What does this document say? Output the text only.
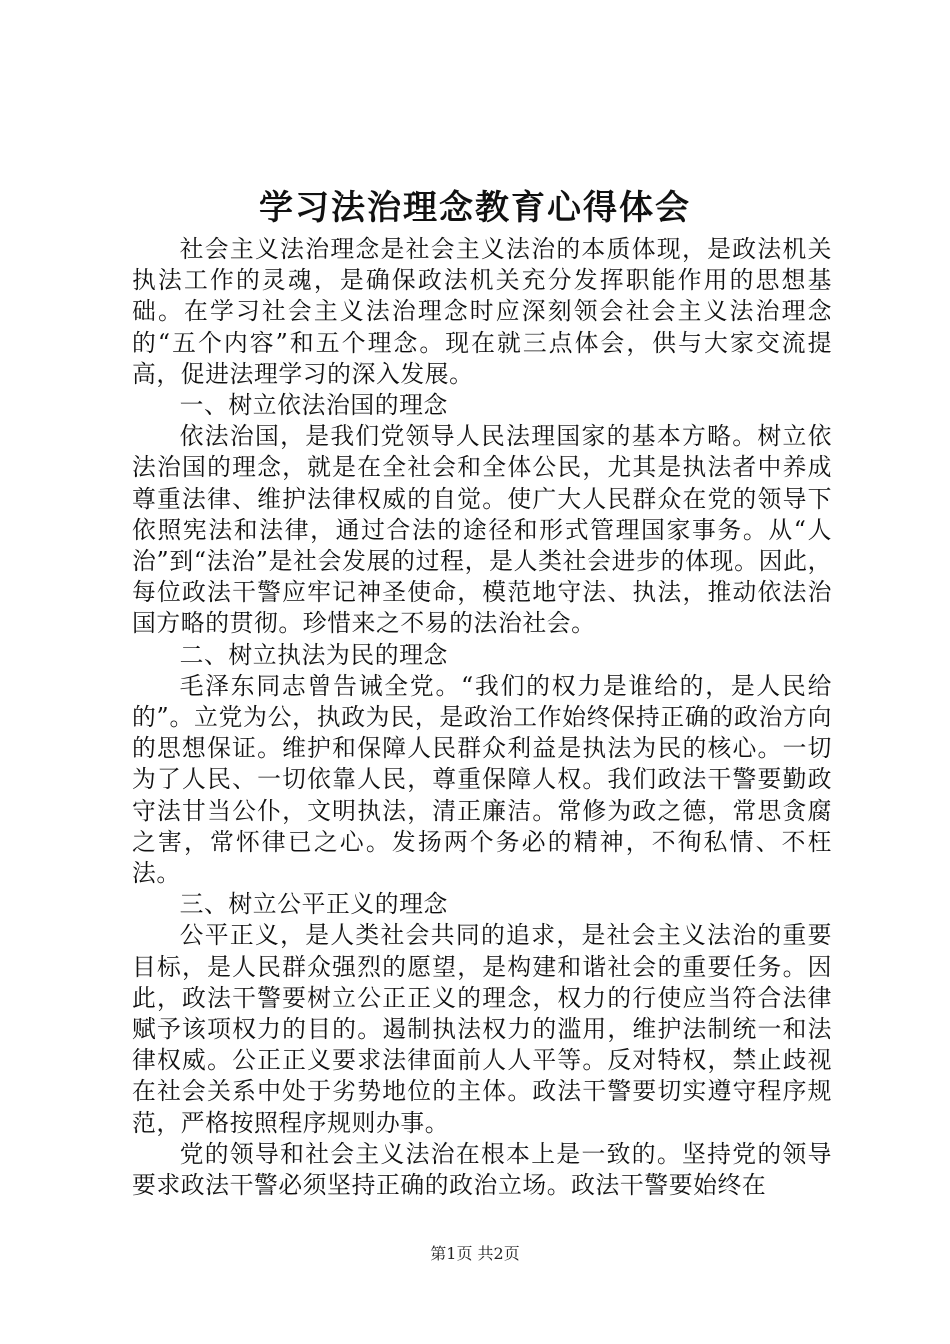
学习法治理念教育心得体会

社会主义法治理念是社会主义法治的本质体现，是政法机关执法工作的灵魂，是确保政法机关充分发挥职能作用的思想基础。在学习社会主义法治理念时应深刻领会社会主义法治理念的“五个内容”和五个理念。现在就三点体会，供与大家交流提高，促进法理学习的深入发展。

一、树立依法治国的理念

依法治国，是我们党领导人民法理国家的基本方略。树立依法治国的理念，就是在全社会和全体公民，尤其是执法者中养成尊重法律、维护法律权威的自觉。使广大人民群众在党的领导下依照宪法和法律，通过合法的途径和形式管理国家事务。从“人治”到“法治”是社会发展的过程，是人类社会进步的体现。因此，每位政法干警应牢记神圣使命，模范地守法、执法，推动依法治国方略的贯彻。珍惜来之不易的法治社会。

二、树立执法为民的理念

毛泽东同志曾告诫全党。“我们的权力是谁给的，是人民给的”。立党为公，执政为民，是政治工作始终保持正确的政治方向的思想保证。维护和保障人民群众利益是执法为民的核心。一切为了人民、一切依靠人民，尊重保障人权。我们政法干警要勤政守法甘当公仆，文明执法，清正廉洁。常修为政之德，常思贪腐之害，常怀律已之心。发扬两个务必的精神，不徇私情、不枉法。

三、树立公平正义的理念

公平正义，是人类社会共同的追求，是社会主义法治的重要目标，是人民群众强烈的愿望，是构建和谐社会的重要任务。因此，政法干警要树立公正正义的理念，权力的行使应当符合法律赋予该项权力的目的。遏制执法权力的滥用，维护法制统一和法律权威。公正正义要求法律面前人人平等。反对特权，禁止歧视在社会关系中处于劣势地位的主体。政法干警要切实遵守程序规范，严格按照程序规则办事。

党的领导和社会主义法治在根本上是一致的。坚持党的领导要求政法干警必须坚持正确的政治立场。政法干警要始终在

第1页 共2页
